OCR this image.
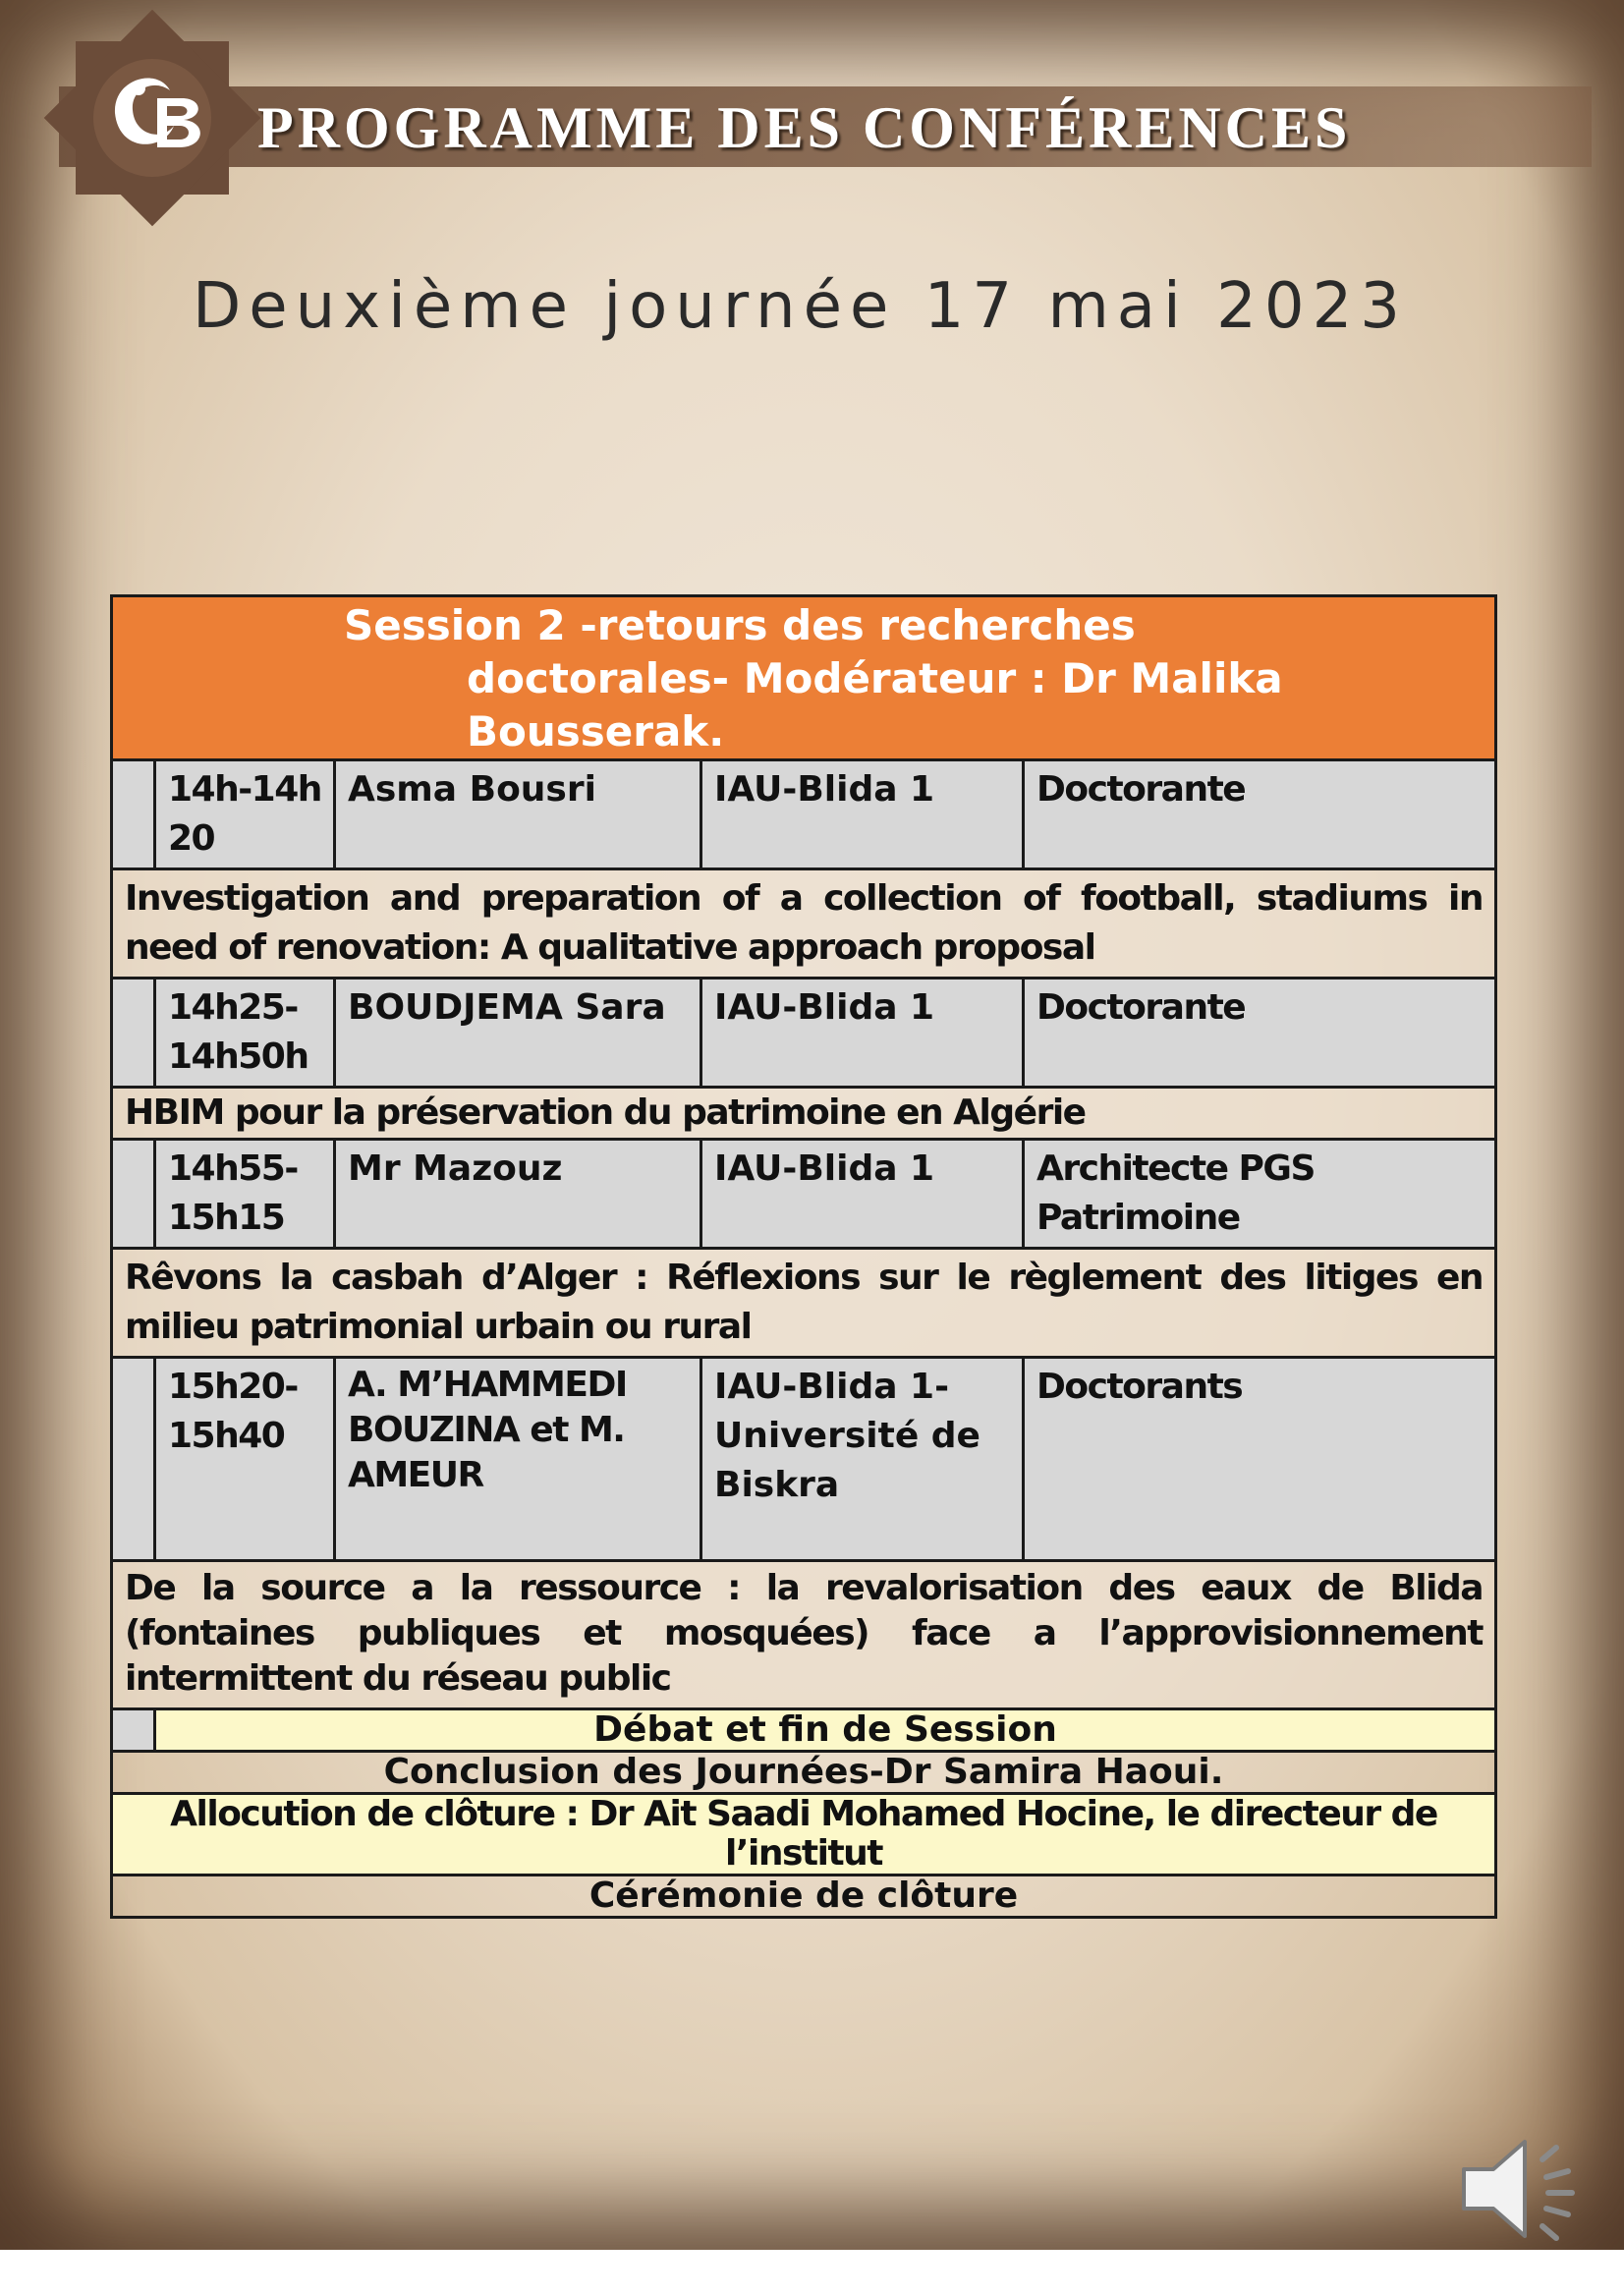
PROGRAMME DES CONFÉRENCES
Deuxième journée 17 mai 2023
Session 2 -retours des recherches
doctorales- Modérateur : Dr Malika
Bousserak.				

	14h-14h 20	Asma Bousri	IAU-Blida 1	Doctorante
Investigation and preparation of a collection of football, stadiums in need of renovation: A qualitative approach proposal				
	14h25-14h50h	BOUDJEMA Sara	IAU-Blida 1	Doctorante
HBIM pour la préservation du patrimoine en Algérie				
	14h55-15h15	Mr Mazouz	IAU-Blida 1	Architecte PGS Patrimoine
Rêvons la casbah d’Alger : Réflexions sur le règlement des litiges en milieu patrimonial urbain ou rural				
	15h20-15h40	A. M’HAMMEDI BOUZINA et M. AMEUR	IAU-Blida 1- Université de Biskra	Doctorants
De la source a la ressource : la revalorisation des eaux de Blida (fontaines publiques et mosquées) face a l’approvisionnement intermittent du réseau public				
	Débat et fin de Session			
Conclusion des Journées-Dr Samira Haoui.				
Allocution de clôture : Dr Ait Saadi Mohamed Hocine, le directeur de l’institut				
Cérémonie de clôture				
